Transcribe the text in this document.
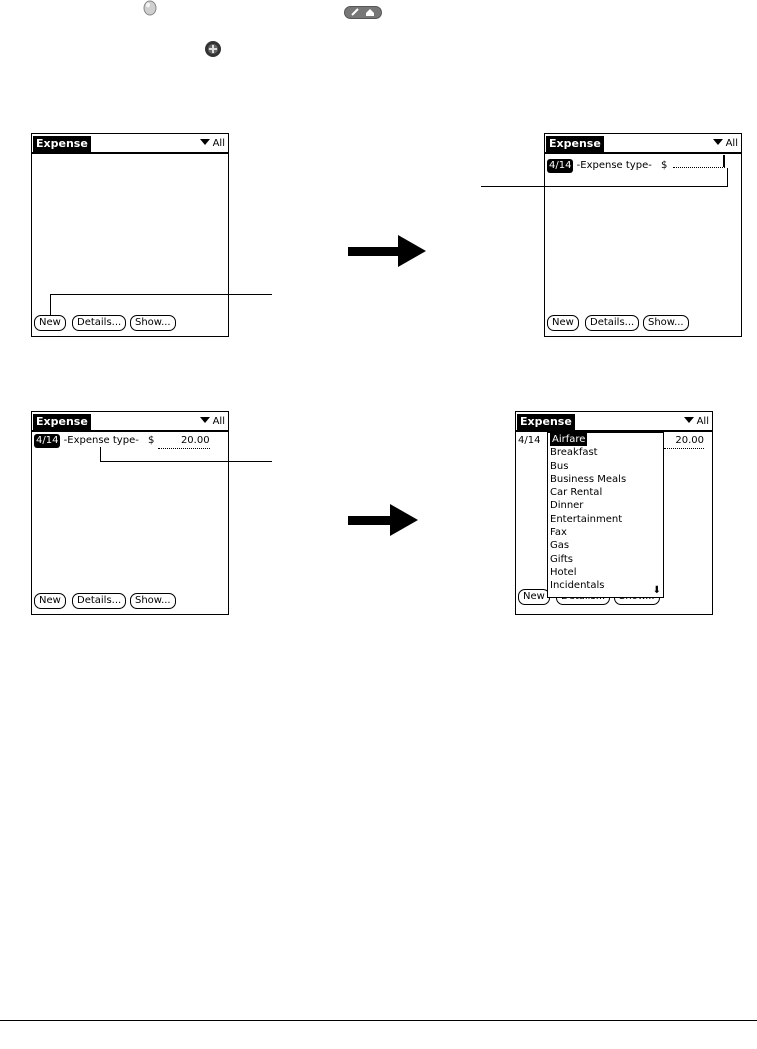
Expense	All
New	Details...	Show...
Expense	All
4/14 -Expense type- $
New	Details...	Show...
Expense	All
4/14 -Expense type- $	20.00
New	Details...	Show...
Expense	All
4/14	20.00
New
Airfare
Breakfast
Bus
Business Meals
Car Rental
Dinner
Entertainment
Fax
Gas
Gifts
Hotel
Incidentals	⬇
